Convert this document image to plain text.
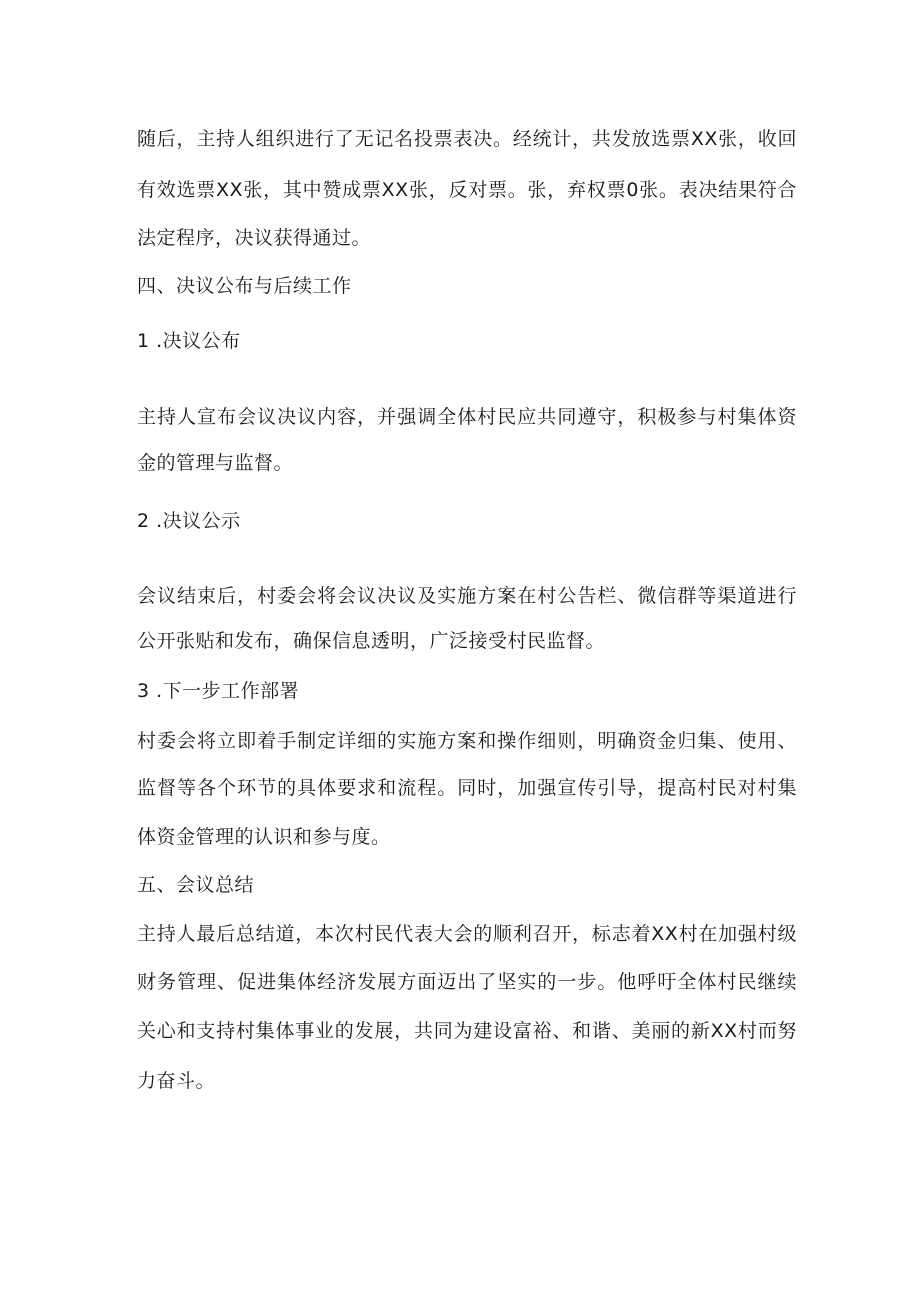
随后，主持人组织进行了无记名投票表决。经统计，共发放选票XX张，收回
有效选票XX张，其中赞成票XX张，反对票。张，弃权票0张。表决结果符合
法定程序，决议获得通过。
四、决议公布与后续工作
1 .决议公布
主持人宣布会议决议内容，并强调全体村民应共同遵守，积极参与村集体资
金的管理与监督。
2 .决议公示
会议结束后，村委会将会议决议及实施方案在村公告栏、微信群等渠道进行
公开张贴和发布，确保信息透明，广泛接受村民监督。
3 .下一步工作部署
村委会将立即着手制定详细的实施方案和操作细则，明确资金归集、使用、
监督等各个环节的具体要求和流程。同时，加强宣传引导，提高村民对村集
体资金管理的认识和参与度。
五、会议总结
主持人最后总结道，本次村民代表大会的顺利召开，标志着XX村在加强村级
财务管理、促进集体经济发展方面迈出了坚实的一步。他呼吁全体村民继续
关心和支持村集体事业的发展，共同为建设富裕、和谐、美丽的新XX村而努
力奋斗。
